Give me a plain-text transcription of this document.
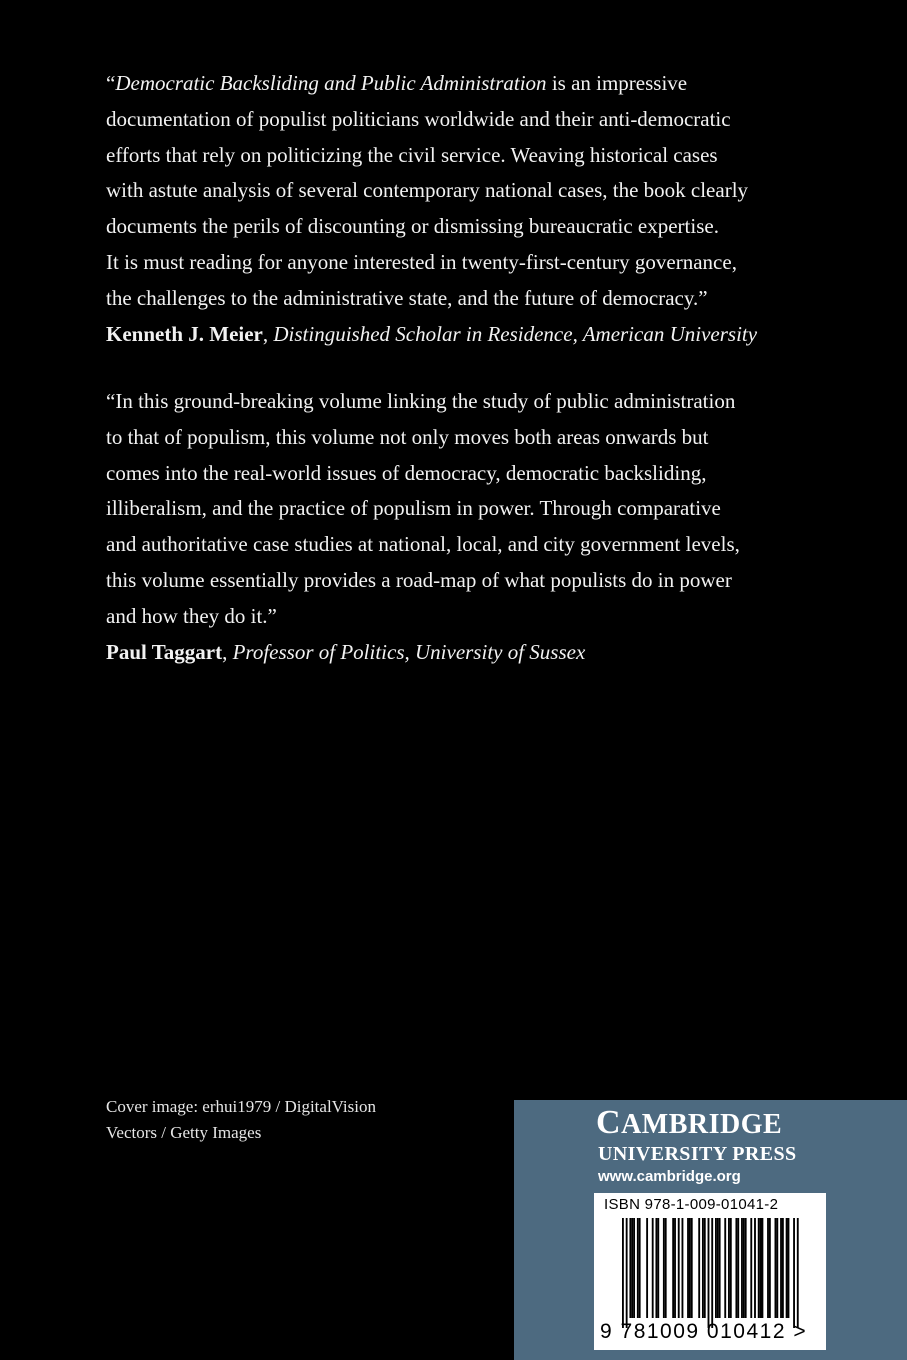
“Democratic Backsliding and Public Administration is an impressive
documentation of populist politicians worldwide and their anti-democratic
efforts that rely on politicizing the civil service. Weaving historical cases
with astute analysis of several contemporary national cases, the book clearly
documents the perils of discounting or dismissing bureaucratic expertise.
It is must reading for anyone interested in twenty-first-century governance,
the challenges to the administrative state, and the future of democracy.”
Kenneth J. Meier, Distinguished Scholar in Residence, American University
“In this ground-breaking volume linking the study of public administration
to that of populism, this volume not only moves both areas onwards but
comes into the real-world issues of democracy, democratic backsliding,
illiberalism, and the practice of populism in power. Through comparative
and authoritative case studies at national, local, and city government levels,
this volume essentially provides a road-map of what populists do in power
and how they do it.”
Paul Taggart, Professor of Politics, University of Sussex
Cover image: erhui1979 / DigitalVision
Vectors / Getty Images	CAMBRIDGE
UNIVERSITY PRESS
www.cambridge.org
ISBN 978-1-009-01041-2
9 781009 010412 >
